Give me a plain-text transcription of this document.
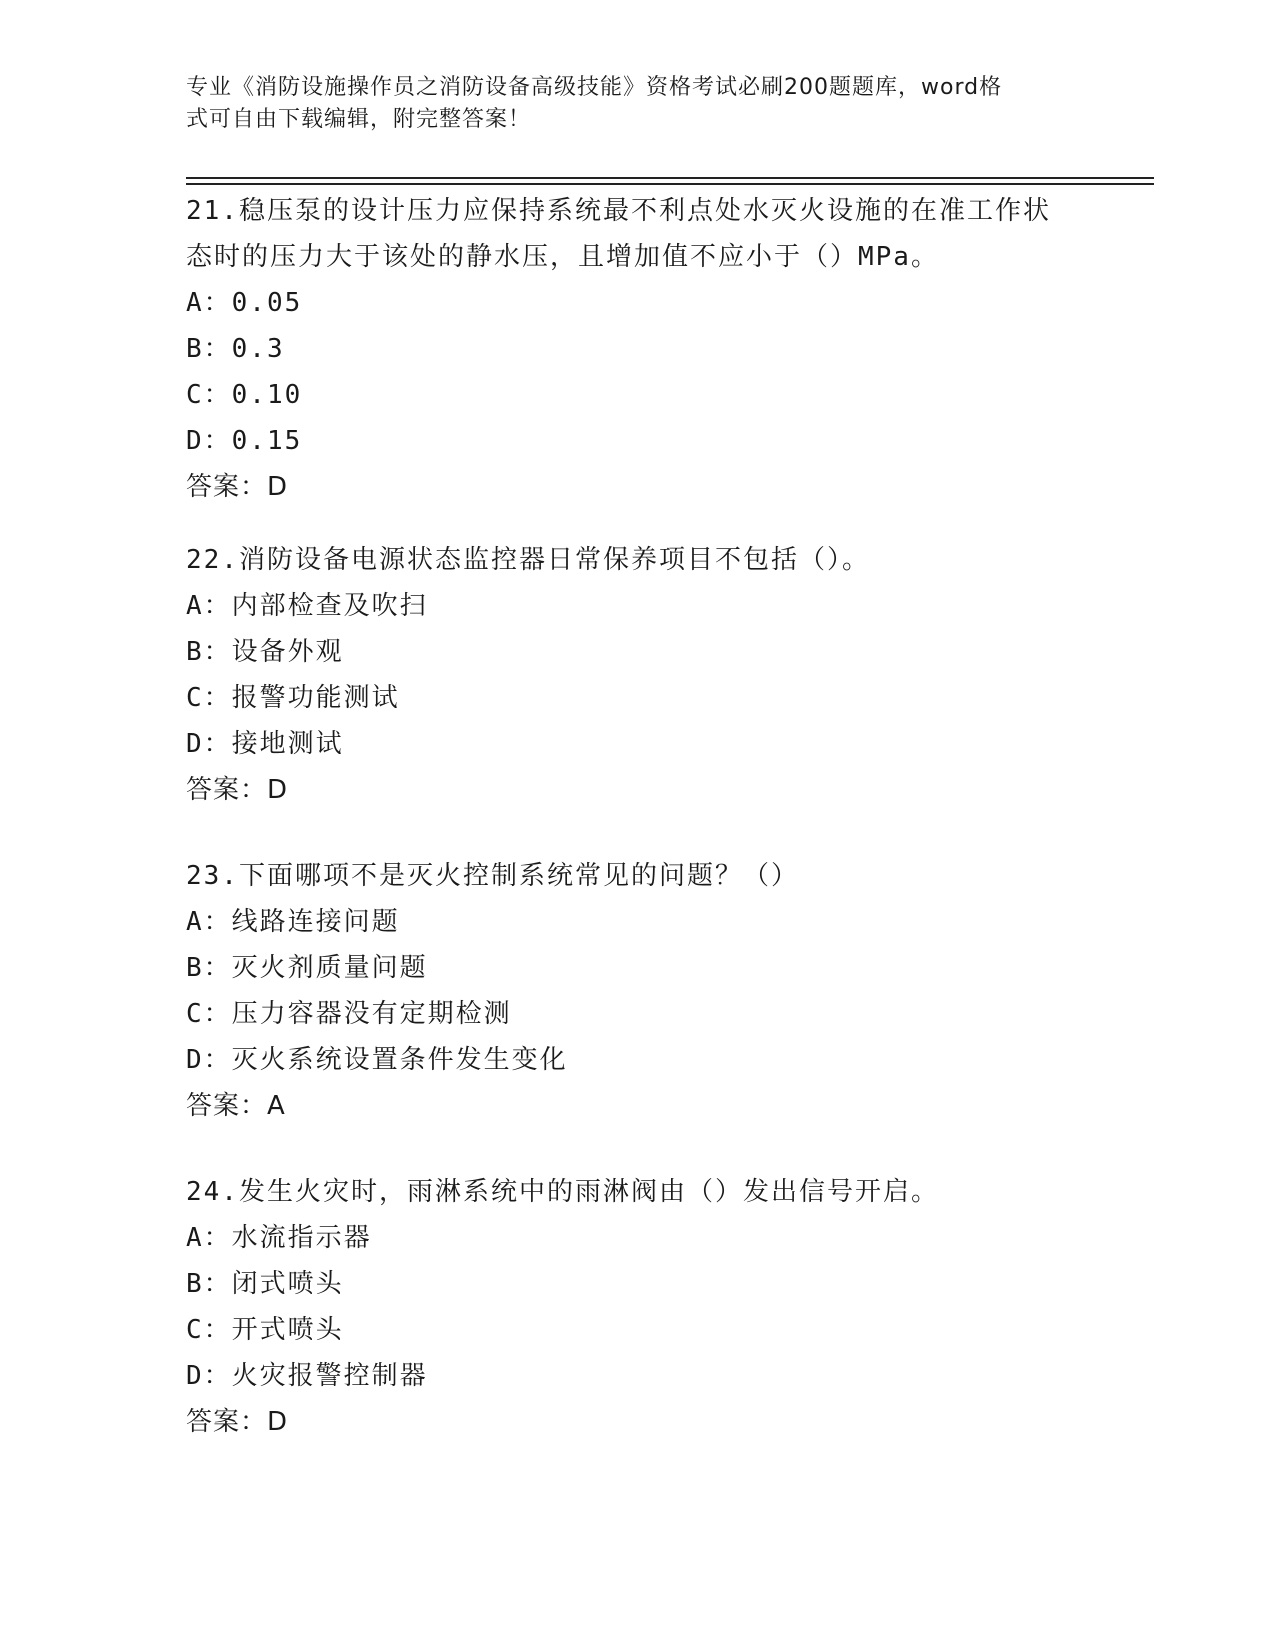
专业《消防设施操作员之消防设备高级技能》资格考试必刷200题题库，word格
式可自由下载编辑，附完整答案！

21.稳压泵的设计压力应保持系统最不利点处水灭火设施的在准工作状

态时的压力大于该处的静水压，且增加值不应小于（）MPa。

A：0.05

B：0.3

C：0.10

D：0.15

答案：D

22.消防设备电源状态监控器日常保养项目不包括（）。

A：内部检查及吹扫

B：设备外观

C：报警功能测试

D：接地测试

答案：D

23.下面哪项不是灭火控制系统常见的问题？（）

A：线路连接问题

B：灭火剂质量问题

C：压力容器没有定期检测

D：灭火系统设置条件发生变化

答案：A

24.发生火灾时，雨淋系统中的雨淋阀由（）发出信号开启。

A：水流指示器

B：闭式喷头

C：开式喷头

D：火灾报警控制器

答案：D
